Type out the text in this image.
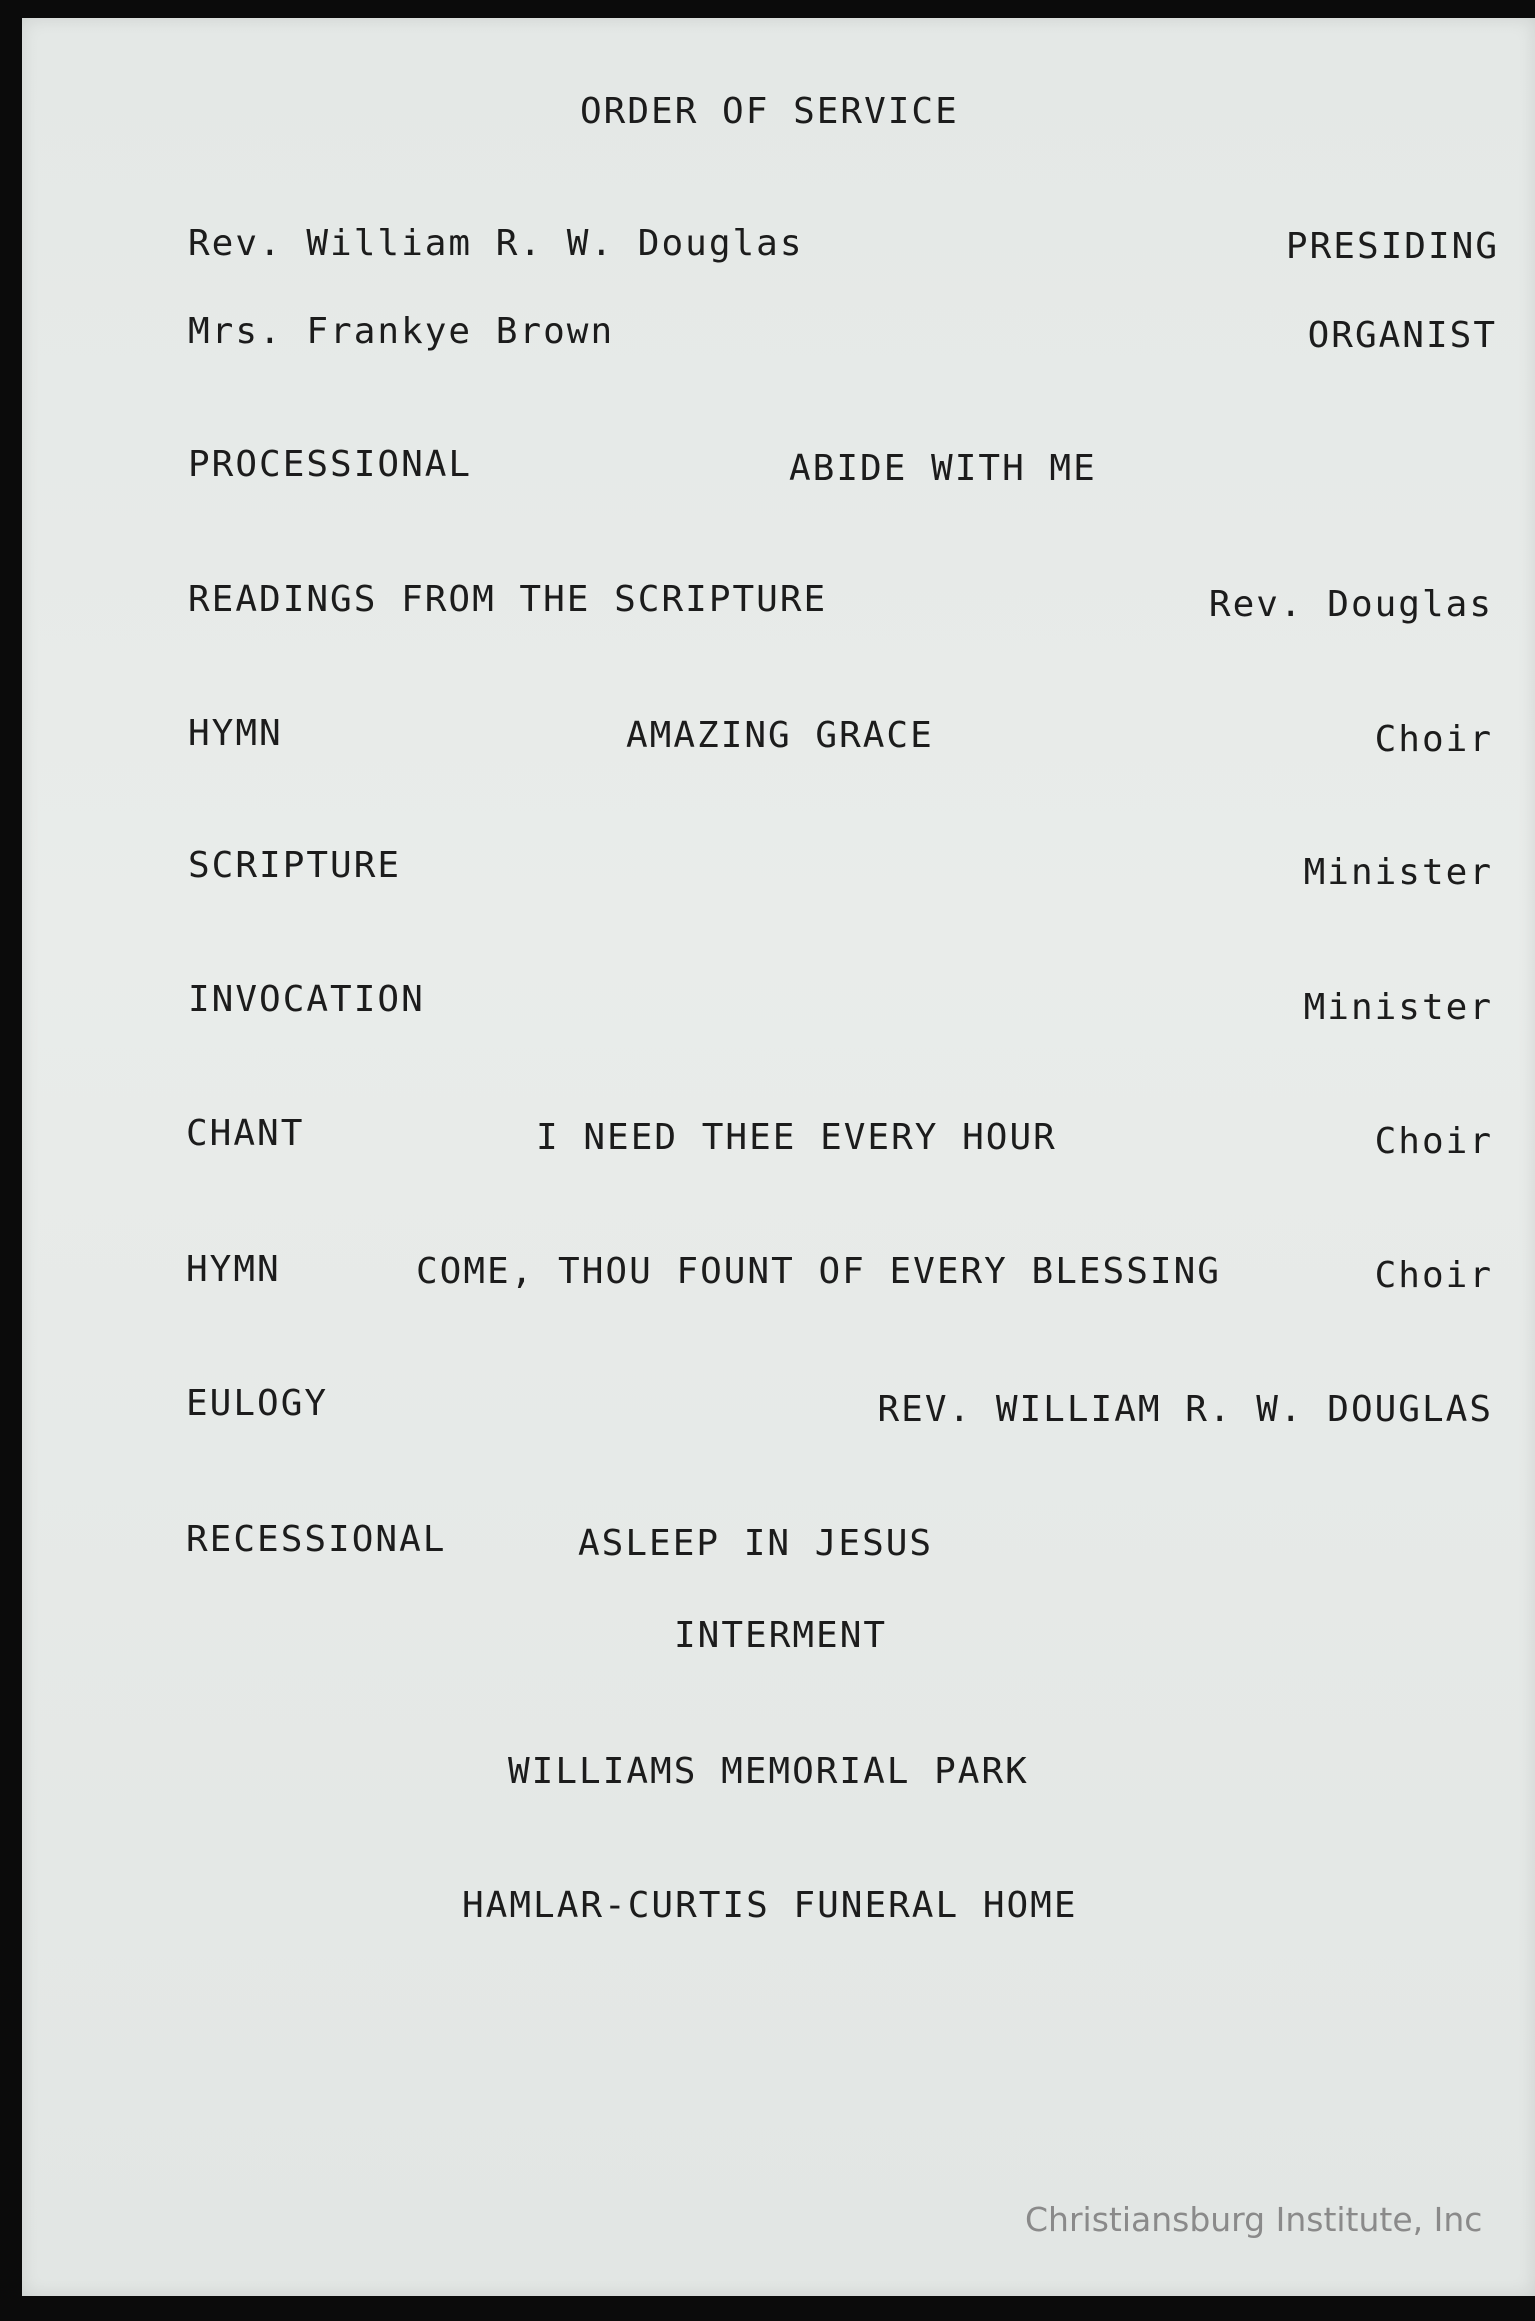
ORDER OF SERVICE
Rev. William R. W. Douglas	PRESIDING
Mrs. Frankye Brown	ORGANIST
PROCESSIONAL	ABIDE WITH ME
READINGS FROM THE SCRIPTURE	Rev. Douglas
HYMN	AMAZING GRACE	Choir
SCRIPTURE	Minister
INVOCATION	Minister
CHANT	I NEED THEE EVERY HOUR	Choir
HYMN	COME, THOU FOUNT OF EVERY BLESSING	Choir
EULOGY	REV. WILLIAM R. W. DOUGLAS
RECESSIONAL	ASLEEP IN JESUS
INTERMENT
WILLIAMS MEMORIAL PARK
HAMLAR-CURTIS FUNERAL HOME
Christiansburg Institute, Inc
